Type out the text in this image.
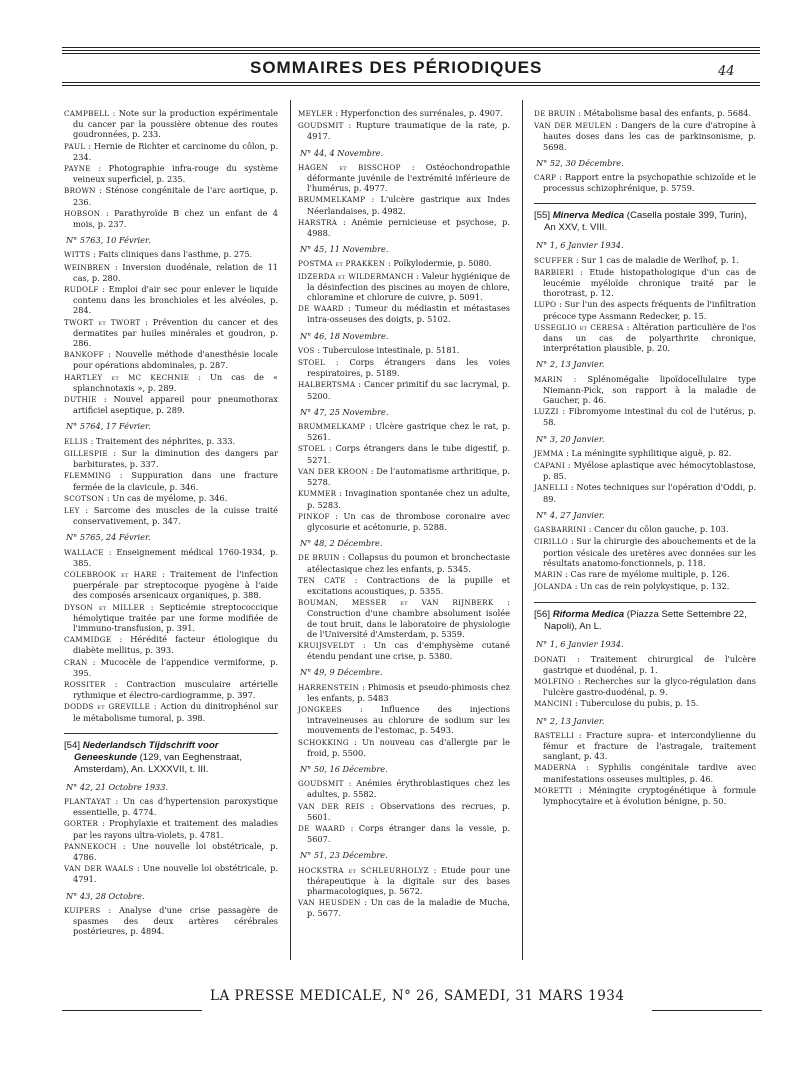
SOMMAIRES DES PÉRIODIQUES	44

CAMPBELL : Note sur la production expérimentale du cancer par la poussière obtenue des routes goudronnées, p. 233.

PAUL : Hernie de Richter et carcinome du côlon, p. 234.

PAYNE : Photographie infra-rouge du système veineux superficiel, p. 235.

BROWN : Sténose congénitale de l'arc aortique, p. 236.

HOBSON : Parathyroïde B chez un enfant de 4 mois, p. 237.

N° 5763, 10 Février.

WITTS : Faits cliniques dans l'asthme, p. 275.

WEINBREN : Inversion duodénale, relation de 11 cas, p. 280.

RUDOLF : Emploi d'air sec pour enlever le liquide contenu dans les bronchioles et les alvéoles, p. 284.

TWORT et TWORT : Prévention du cancer et des dermatites par huiles minérales et goudron, p. 286.

BANKOFF : Nouvelle méthode d'anesthésie locale pour opérations abdominales, p. 287.

HARTLEY et MC KECHNIE : Un cas de « splanchnotaxis », p. 289.

DUTHIE : Nouvel appareil pour pneumothorax artificiel aseptique, p. 289.

N° 5764, 17 Février.

ELLIS : Traitement des néphrites, p. 333.

GILLESPIE : Sur la diminution des dangers par barbiturates, p. 337.

FLEMMING : Suppuration dans une fracture fermée de la clavicule, p. 346.

SCOTSON : Un cas de myélome, p. 346.

LEY : Sarcome des muscles de la cuisse traité conservativement, p. 347.

N° 5765, 24 Février.

WALLACE : Enseignement médical 1760-1934, p. 385.

COLEBROOK et HARE : Traitement de l'infection puerpérale par streptocoque pyogène à l'aide des composés arsenicaux organiques, p. 388.

DYSON et MILLER : Septicémie streptococcique hémolytique traitée par une forme modifiée de l'immuno-transfusion, p. 391.

CAMMIDGE : Hérédité facteur étiologique du diabète mellitus, p. 393.

CRAN : Mucocèle de l'appendice vermiforme, p. 395.

ROSSITER : Contraction musculaire artérielle rythmique et électro-cardiogramme, p. 397.

DODDS et GREVILLE : Action du dinitrophénol sur le métabolisme tumoral, p. 398.

[54] Nederlandsch Tijdschrift voor Geneeskunde (129, van Eeghenstraat, Amsterdam), An. LXXXVII, t. III.
N° 42, 21 Octobre 1933.

PLANTAYAT : Un cas d'hypertension paroxystique essentielle, p. 4774.

GORTER : Prophylaxie et traitement des maladies par les rayons ultra-violets, p. 4781.

PANNEKOCH : Une nouvelle loi obstétricale, p. 4786.

VAN DER WAALS : Une nouvelle loi obstétricale, p. 4791.

N° 43, 28 Octobre.

KUIPERS : Analyse d'une crise passagère de spasmes des deux artères cérébrales postérieures, p. 4894.

MEYLER : Hyperfonction des surrénales, p. 4907.

GOUDSMIT : Rupture traumatique de la rate, p. 4917.

N° 44, 4 Novembre.

HAGEN et BISSCHOP : Ostéochondropathie déformante juvénile de l'extrémité inférieure de l'humérus, p. 4977.

BRUMMELKAMP : L'ulcère gastrique aux Indes Néerlandaises, p. 4982.

HARSTRA : Anémie pernicieuse et psychose, p. 4988.

N° 45, 11 Novembre.

POSTMA et PRAKKEN : Poïkylodermie, p. 5080.

IDZERDA et WILDERMANCH : Valeur hygiénique de la désinfection des piscines au moyen de chlore, chloramine et chlorure de cuivre, p. 5091.

DE WAARD : Tumeur du médiastin et métastases intra-osseuses des doigts, p. 5102.

N° 46, 18 Novembre.

VOS : Tuberculose intestinale, p. 5181.

STOEL : Corps étrangers dans les voies respiratoires, p. 5189.

HALBERTSMA : Cancer primitif du sac lacrymal, p. 5200.

N° 47, 25 Novembre.

BRUMMELKAMP : Ulcère gastrique chez le rat, p. 5261.

STOEL : Corps étrangers dans le tube digestif, p. 5271.

VAN DER KROON : De l'automatisme arthritique, p. 5278.

KUMMER : Invagination spontanée chez un adulte, p. 5283.

PINKOF : Un cas de thrombose coronaire avec glycosurie et acétonurie, p. 5288.

N° 48, 2 Décembre.

DE BRUIN : Collapsus du poumon et bronchectasie atélectasique chez les enfants, p. 5345.

TEN CATE : Contractions de la pupille et excitations acoustiques, p. 5355.

BOUMAN, MESSER et VAN RIJNBERK : Construction d'une chambre absolument isolée de tout bruit, dans le laboratoire de physiologie de l'Université d'Amsterdam, p. 5359.

KRUIJSVELDT : Un cas d'emphysème cutané étendu pendant une crise, p. 5380.

N° 49, 9 Décembre.

HARRENSTEIN : Phimosis et pseudo-phimosis chez les enfants, p. 5483

JONGKEES : Influence des injections intraveineuses au chlorure de sodium sur les mouvements de l'estomac, p. 5493.

SCHOKKING : Un nouveau cas d'allergie par le froid, p. 5500.

N° 50, 16 Décembre.

GOUDSMIT : Anémies érythroblastiques chez les adultes, p. 5582.

VAN DER REIS : Observations des recrues, p. 5601.

DE WAARD : Corps étranger dans la vessie, p. 5607.

N° 51, 23 Décembre.

HOCKSTRA et SCHLEURHOLYZ : Etude pour une thérapeutique à la digitale sur des bases pharmacologiques, p. 5672.

VAN HEUSDEN : Un cas de la maladie de Mucha, p. 5677.

DE BRUIN : Métabolisme basal des enfants, p. 5684.

VAN DER MEULEN : Dangers de la cure d'atropine à hautes doses dans les cas de parkinsonisme, p. 5698.

N° 52, 30 Décembre.

CARP : Rapport entre la psychopathie schizoïde et le processus schizophrénique, p. 5759.

[55] Minerva Medica (Casella postale 399, Turin), An XXV, t. VIII.
N° 1, 6 Janvier 1934.

SCUFFER : Sur 1 cas de maladie de Werlhof, p. 1.

BARBIERI : Etude histopathologique d'un cas de leucémie myéloïde chronique traité par le thorotrast, p. 12.

LUPO : Sur l'un des aspects fréquents de l'infiltration précoce type Assmann Redecker, p. 15.

USSEGLIO et CERESA : Altération particulière de l'os dans un cas de polyarthrite chronique, interprétation plausible, p. 20.

N° 2, 13 Janvier.

MARIN : Splénomégalie lipoïdocellulaire type Niemann-Pick, son rapport à la maladie de Gaucher, p. 46.

LUZZI : Fibromyome intestinal du col de l'utérus, p. 58.

N° 3, 20 Janvier.

JEMMA : La méningite syphilitique aiguë, p. 82.

CAPANI : Myélose aplastique avec hémocytoblastose, p. 85.

JANELLI : Notes techniques sur l'opération d'Oddi, p. 89.

N° 4, 27 Janvier.

GASBARRINI : Cancer du côlon gauche, p. 103.

CIRILLO : Sur la chirurgie des abouchements et de la portion vésicale des uretères avec données sur les résultats anatomo-fonctionnels, p. 118.

MARIN : Cas rare de myélome multiple, p. 126.

JOLANDA : Un cas de rein polykystique, p. 132.

[56] Riforma Medica (Piazza Sette Settembre 22, Napoli), An L.
N° 1, 6 Janvier 1934.

DONATI : Traitement chirurgical de l'ulcère gastrique et duodénal, p. 1.

MOLFINO : Recherches sur la glyco-régulation dans l'ulcère gastro-duodénal, p. 9.

MANCINI : Tuberculose du pubis, p. 15.

N° 2, 13 Janvier.

BASTELLI : Fracture supra- et intercondylienne du fémur et fracture de l'astragale, traitement sanglant, p. 43.

MADERNA : Syphilis congénitale tardive avec manifestations osseuses multiples, p. 46.

MORETTI : Méningite cryptogénétique à formule lymphocytaire et à évolution bénigne, p. 50.

LA PRESSE MEDICALE, N° 26, SAMEDI, 31 MARS 1934
